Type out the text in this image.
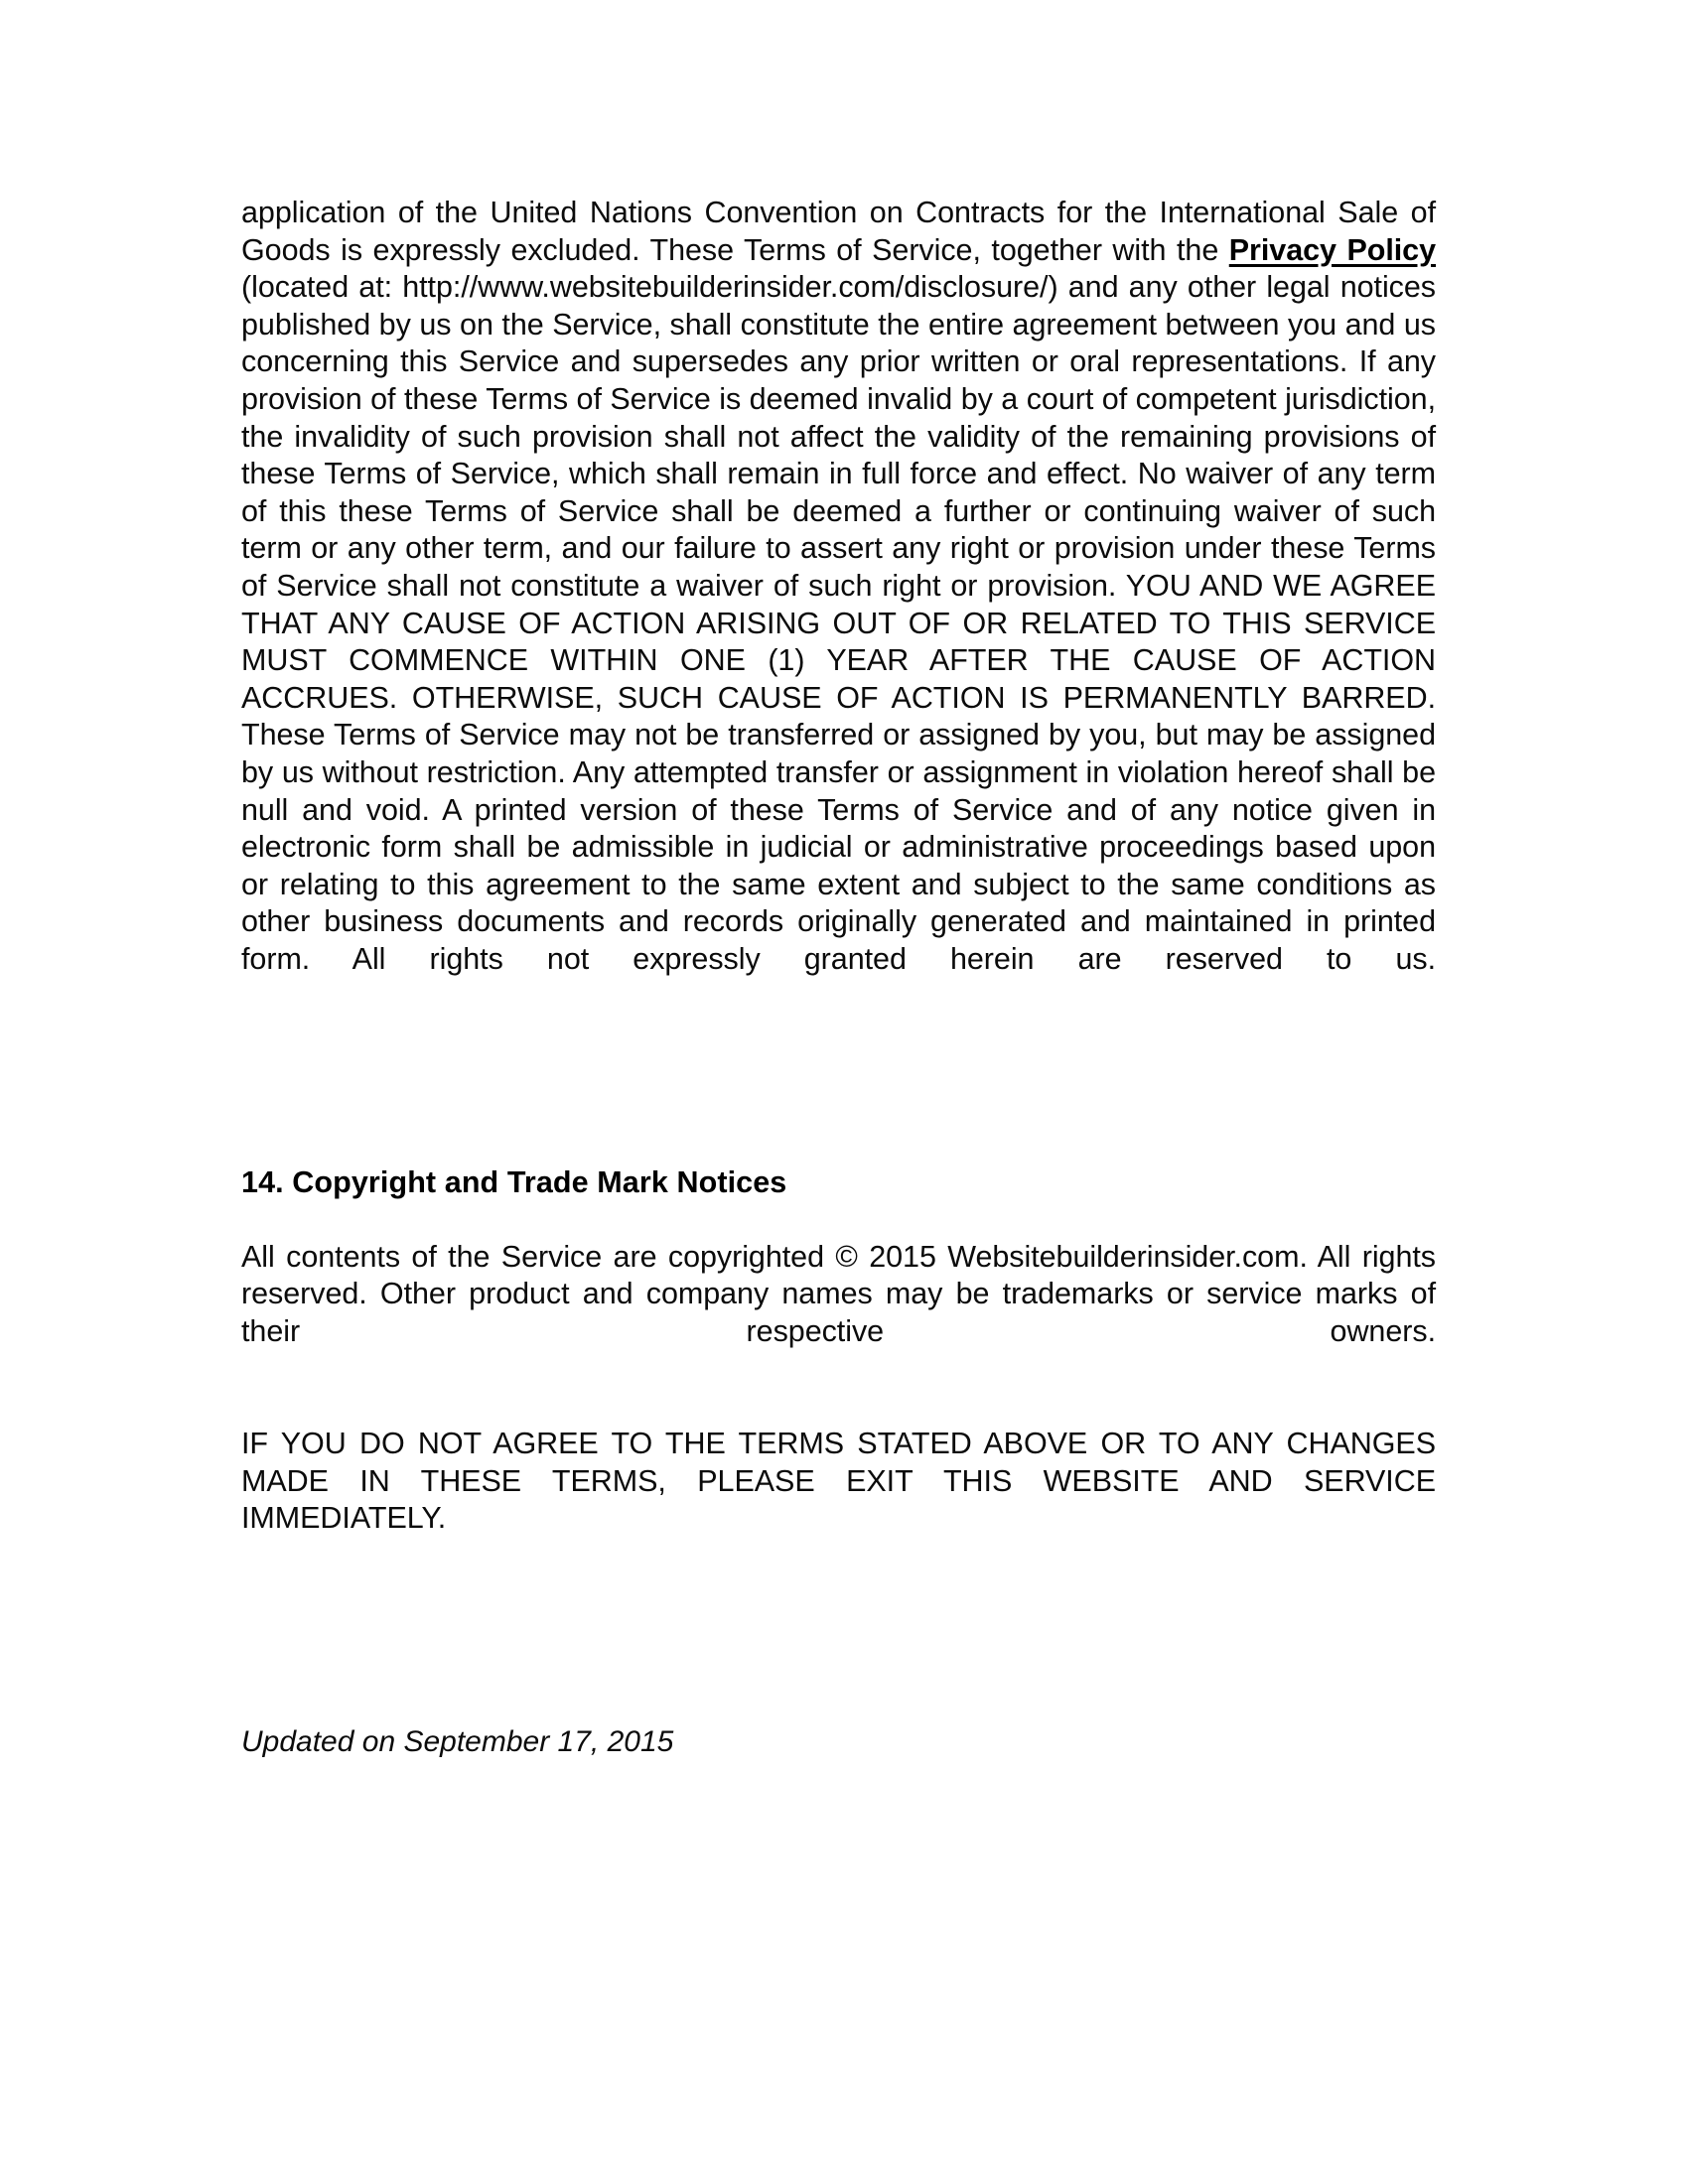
application of the United Nations Convention on Contracts for the International Sale of Goods is expressly excluded. These Terms of Service, together with the Privacy Policy (located at: http://www.websitebuilderinsider.com/disclosure/) and any other legal notices published by us on the Service, shall constitute the entire agreement between you and us concerning this Service and supersedes any prior written or oral representations. If any provision of these Terms of Service is deemed invalid by a court of competent jurisdiction, the invalidity of such provision shall not affect the validity of the remaining provisions of these Terms of Service, which shall remain in full force and effect. No waiver of any term of this these Terms of Service shall be deemed a further or continuing waiver of such term or any other term, and our failure to assert any right or provision under these Terms of Service shall not constitute a waiver of such right or provision. YOU AND WE AGREE THAT ANY CAUSE OF ACTION ARISING OUT OF OR RELATED TO THIS SERVICE MUST COMMENCE WITHIN ONE (1) YEAR AFTER THE CAUSE OF ACTION ACCRUES. OTHERWISE, SUCH CAUSE OF ACTION IS PERMANENTLY BARRED. These Terms of Service may not be transferred or assigned by you, but may be assigned by us without restriction. Any attempted transfer or assignment in violation hereof shall be null and void. A printed version of these Terms of Service and of any notice given in electronic form shall be admissible in judicial or administrative proceedings based upon or relating to this agreement to the same extent and subject to the same conditions as other business documents and records originally generated and maintained in printed form. All rights not expressly granted herein are reserved to us.

14. Copyright and Trade Mark Notices

All contents of the Service are copyrighted © 2015 Websitebuilderinsider.com. All rights reserved. Other product and company names may be trademarks or service marks of their respective owners.

IF YOU DO NOT AGREE TO THE TERMS STATED ABOVE OR TO ANY CHANGES MADE IN THESE TERMS, PLEASE EXIT THIS WEBSITE AND SERVICE IMMEDIATELY.

Updated on September 17, 2015
